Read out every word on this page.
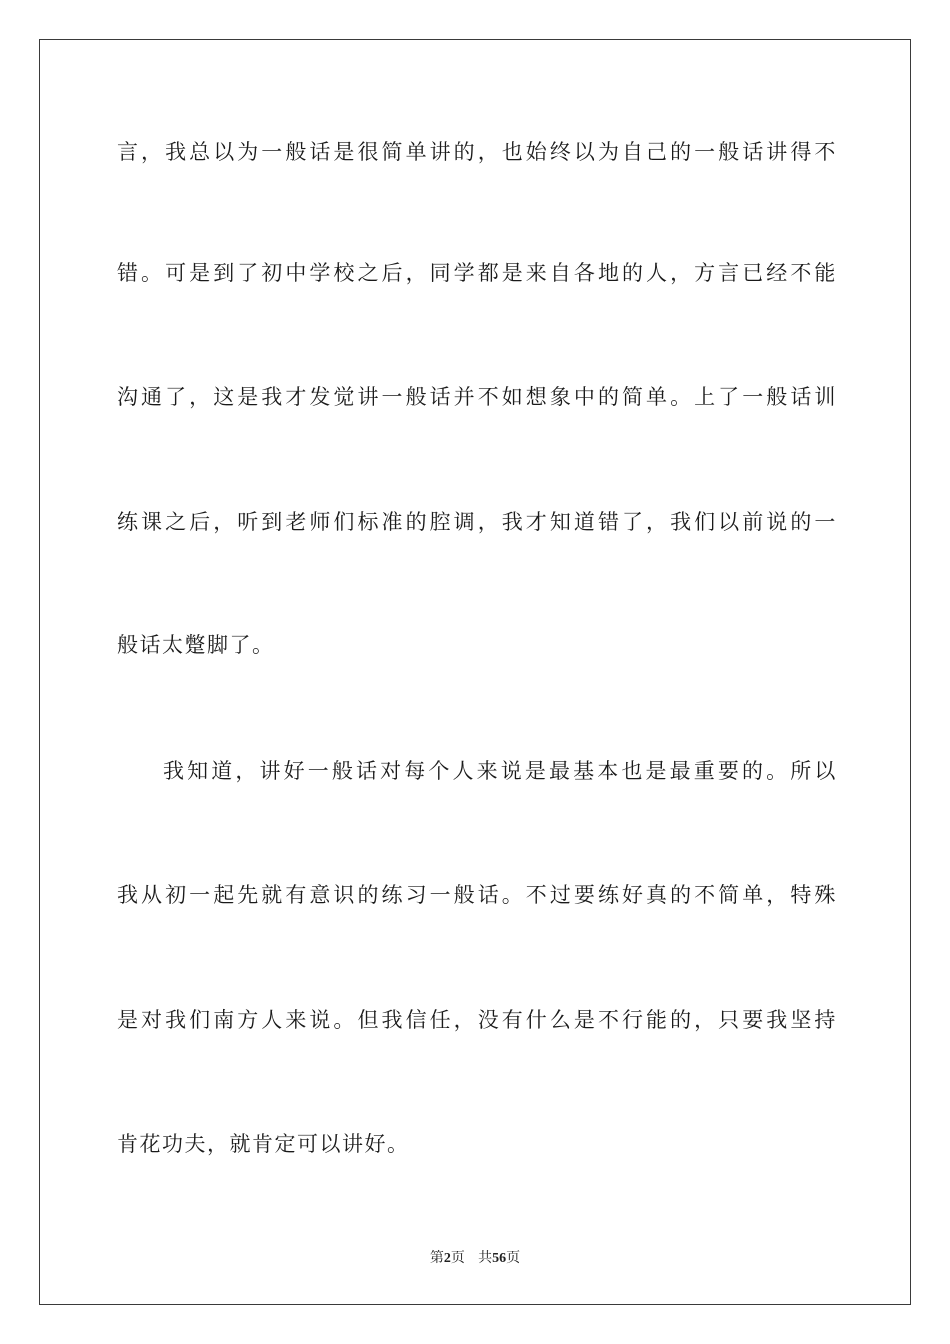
言 ， 我 总 以 为 一 般 话 是 很 简 单 讲 的 ， 也 始 终 以 为 自 己 的 一 般 话 讲 得 不
错 。 可 是 到 了 初 中 学 校 之 后 ， 同 学 都 是 来 自 各 地 的 人 ， 方 言 已 经 不 能
沟 通 了 ， 这 是 我 才 发 觉 讲 一 般 话 并 不 如 想 象 中 的 简 单 。 上 了 一 般 话 训
练 课 之 后 ， 听 到 老 师 们 标 准 的 腔 调 ， 我 才 知 道 错 了 ， 我 们 以 前 说 的 一
般话太蹩脚了。
我 知 道 ， 讲 好 一 般 话 对 每 个 人 来 说 是 最 基 本 也 是 最 重 要 的 。 所 以
我 从 初 一 起 先 就 有 意 识 的 练 习 一 般 话 。 不 过 要 练 好 真 的 不 简 单 ， 特 殊
是 对 我 们 南 方 人 来 说 。 但 我 信 任 ， 没 有 什 么 是 不 行 能 的 ， 只 要 我 坚 持
肯花功夫，就肯定可以讲好。
第2页 共56页
